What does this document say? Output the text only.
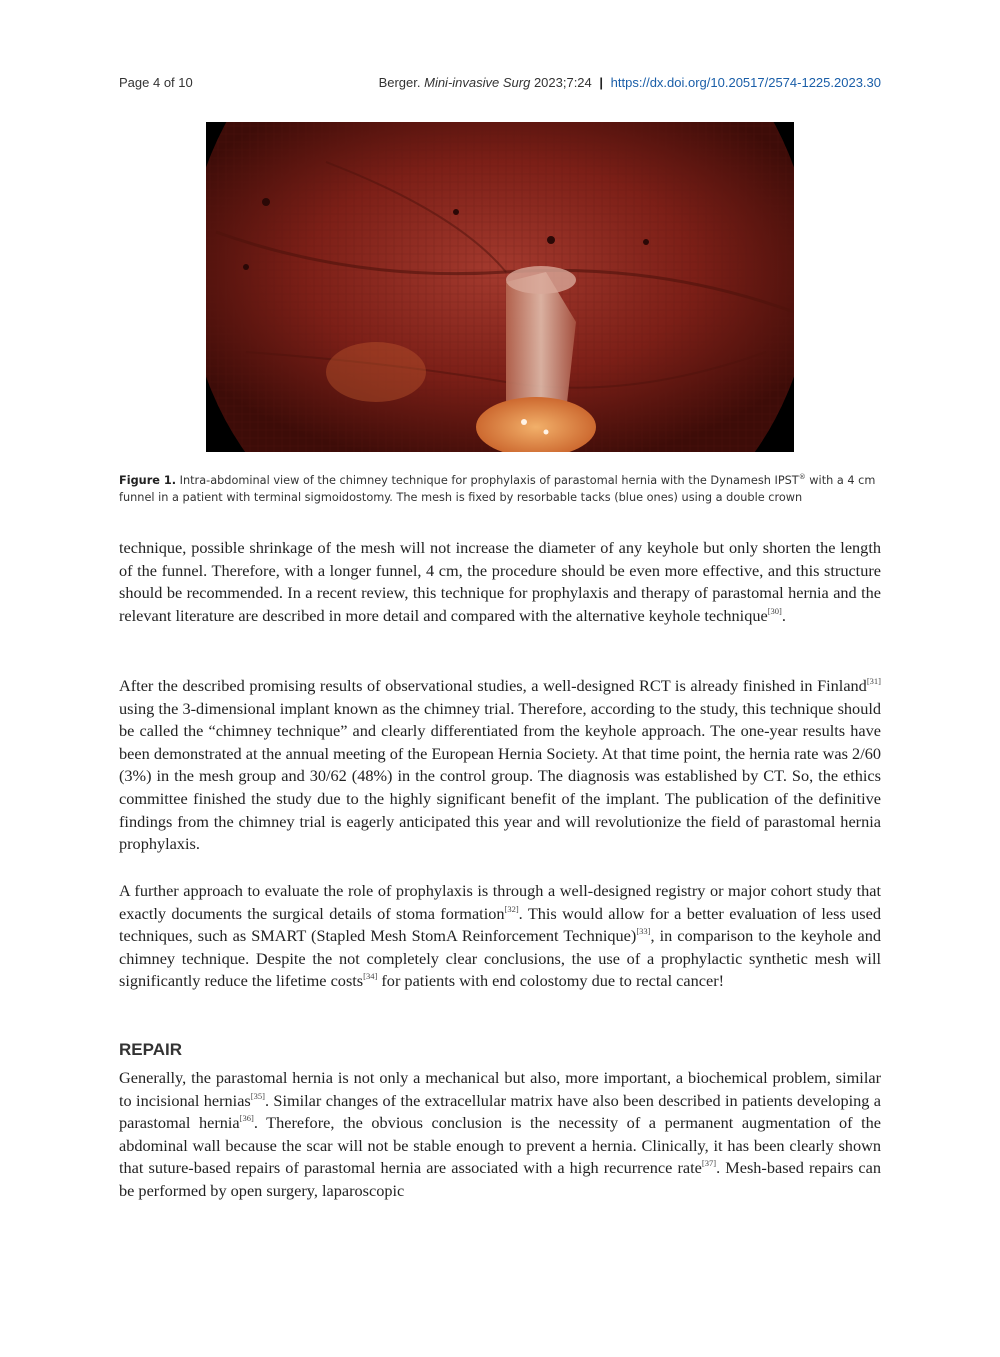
Page 4 of 10	Berger. Mini-invasive Surg 2023;7:24 | https://dx.doi.org/10.20517/2574-1225.2023.30
Figure 1. Intra-abdominal view of the chimney technique for prophylaxis of parastomal hernia with the Dynamesh IPST® with a 4 cm funnel in a patient with terminal sigmoidostomy. The mesh is fixed by resorbable tacks (blue ones) using a double crown

technique, possible shrinkage of the mesh will not increase the diameter of any keyhole but only shorten the length of the funnel. Therefore, with a longer funnel, 4 cm, the procedure should be even more effective, and this structure should be recommended. In a recent review, this technique for prophylaxis and therapy of parastomal hernia and the relevant literature are described in more detail and compared with the alternative keyhole technique[30].

After the described promising results of observational studies, a well-designed RCT is already finished in Finland[31] using the 3-dimensional implant known as the chimney trial. Therefore, according to the study, this technique should be called the “chimney technique” and clearly differentiated from the keyhole approach. The one-year results have been demonstrated at the annual meeting of the European Hernia Society. At that time point, the hernia rate was 2/60 (3%) in the mesh group and 30/62 (48%) in the control group. The diagnosis was established by CT. So, the ethics committee finished the study due to the highly significant benefit of the implant. The publication of the definitive findings from the chimney trial is eagerly anticipated this year and will revolutionize the field of parastomal hernia prophylaxis.

A further approach to evaluate the role of prophylaxis is through a well-designed registry or major cohort study that exactly documents the surgical details of stoma formation[32]. This would allow for a better evaluation of less used techniques, such as SMART (Stapled Mesh StomA Reinforcement Technique)[33], in comparison to the keyhole and chimney technique. Despite the not completely clear conclusions, the use of a prophylactic synthetic mesh will significantly reduce the lifetime costs[34] for patients with end colostomy due to rectal cancer!

REPAIR

Generally, the parastomal hernia is not only a mechanical but also, more important, a biochemical problem, similar to incisional hernias[35]. Similar changes of the extracellular matrix have also been described in patients developing a parastomal hernia[36]. Therefore, the obvious conclusion is the necessity of a permanent augmentation of the abdominal wall because the scar will not be stable enough to prevent a hernia. Clinically, it has been clearly shown that suture-based repairs of parastomal hernia are associated with a high recurrence rate[37]. Mesh-based repairs can be performed by open surgery, laparoscopic
